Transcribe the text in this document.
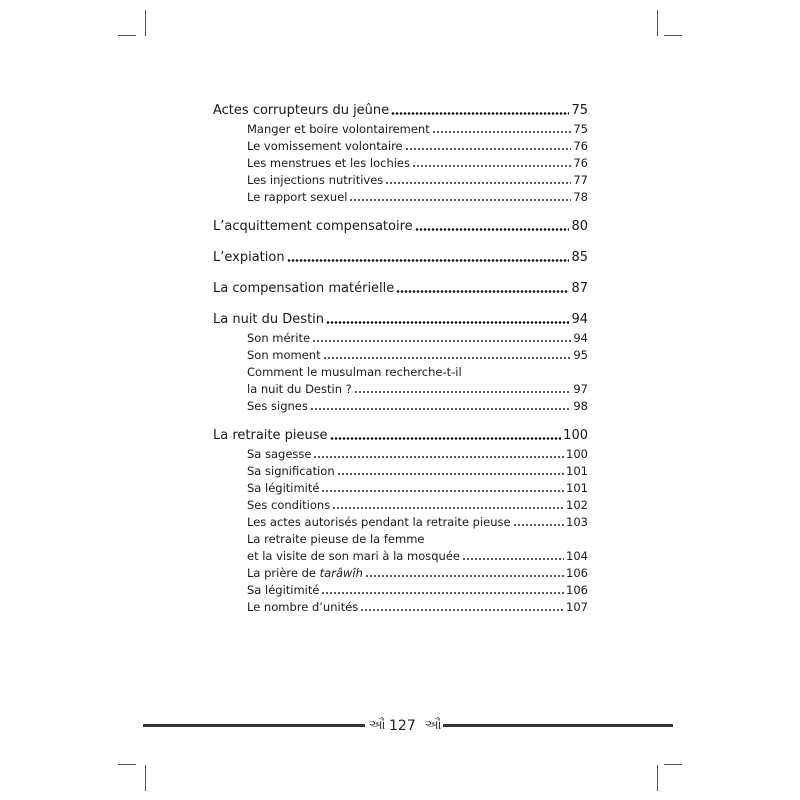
Actes corrupteurs du jeûne	75
Manger et boire volontairement	75
Le vomissement volontaire	76
Les menstrues et les lochies	76
Les injections nutritives	77
Le rapport sexuel	78
L’acquittement compensatoire	80
L’expiation	85
La compensation matérielle	87
La nuit du Destin	94
Son mérite	94
Son moment	95
Comment le musulman recherche-t-il
la nuit du Destin ?	97
Ses signes	98
La retraite pieuse	100
Sa sagesse	100
Sa signification	101
Sa légitimité	101
Ses conditions	102
Les actes autorisés pendant la retraite pieuse	103
La retraite pieuse de la femme
et la visite de son mari à la mosquée	104
La prière de tarâwîh	106
Sa légitimité	106
Le nombre d’unités	107
ઔ 127 ઔ
